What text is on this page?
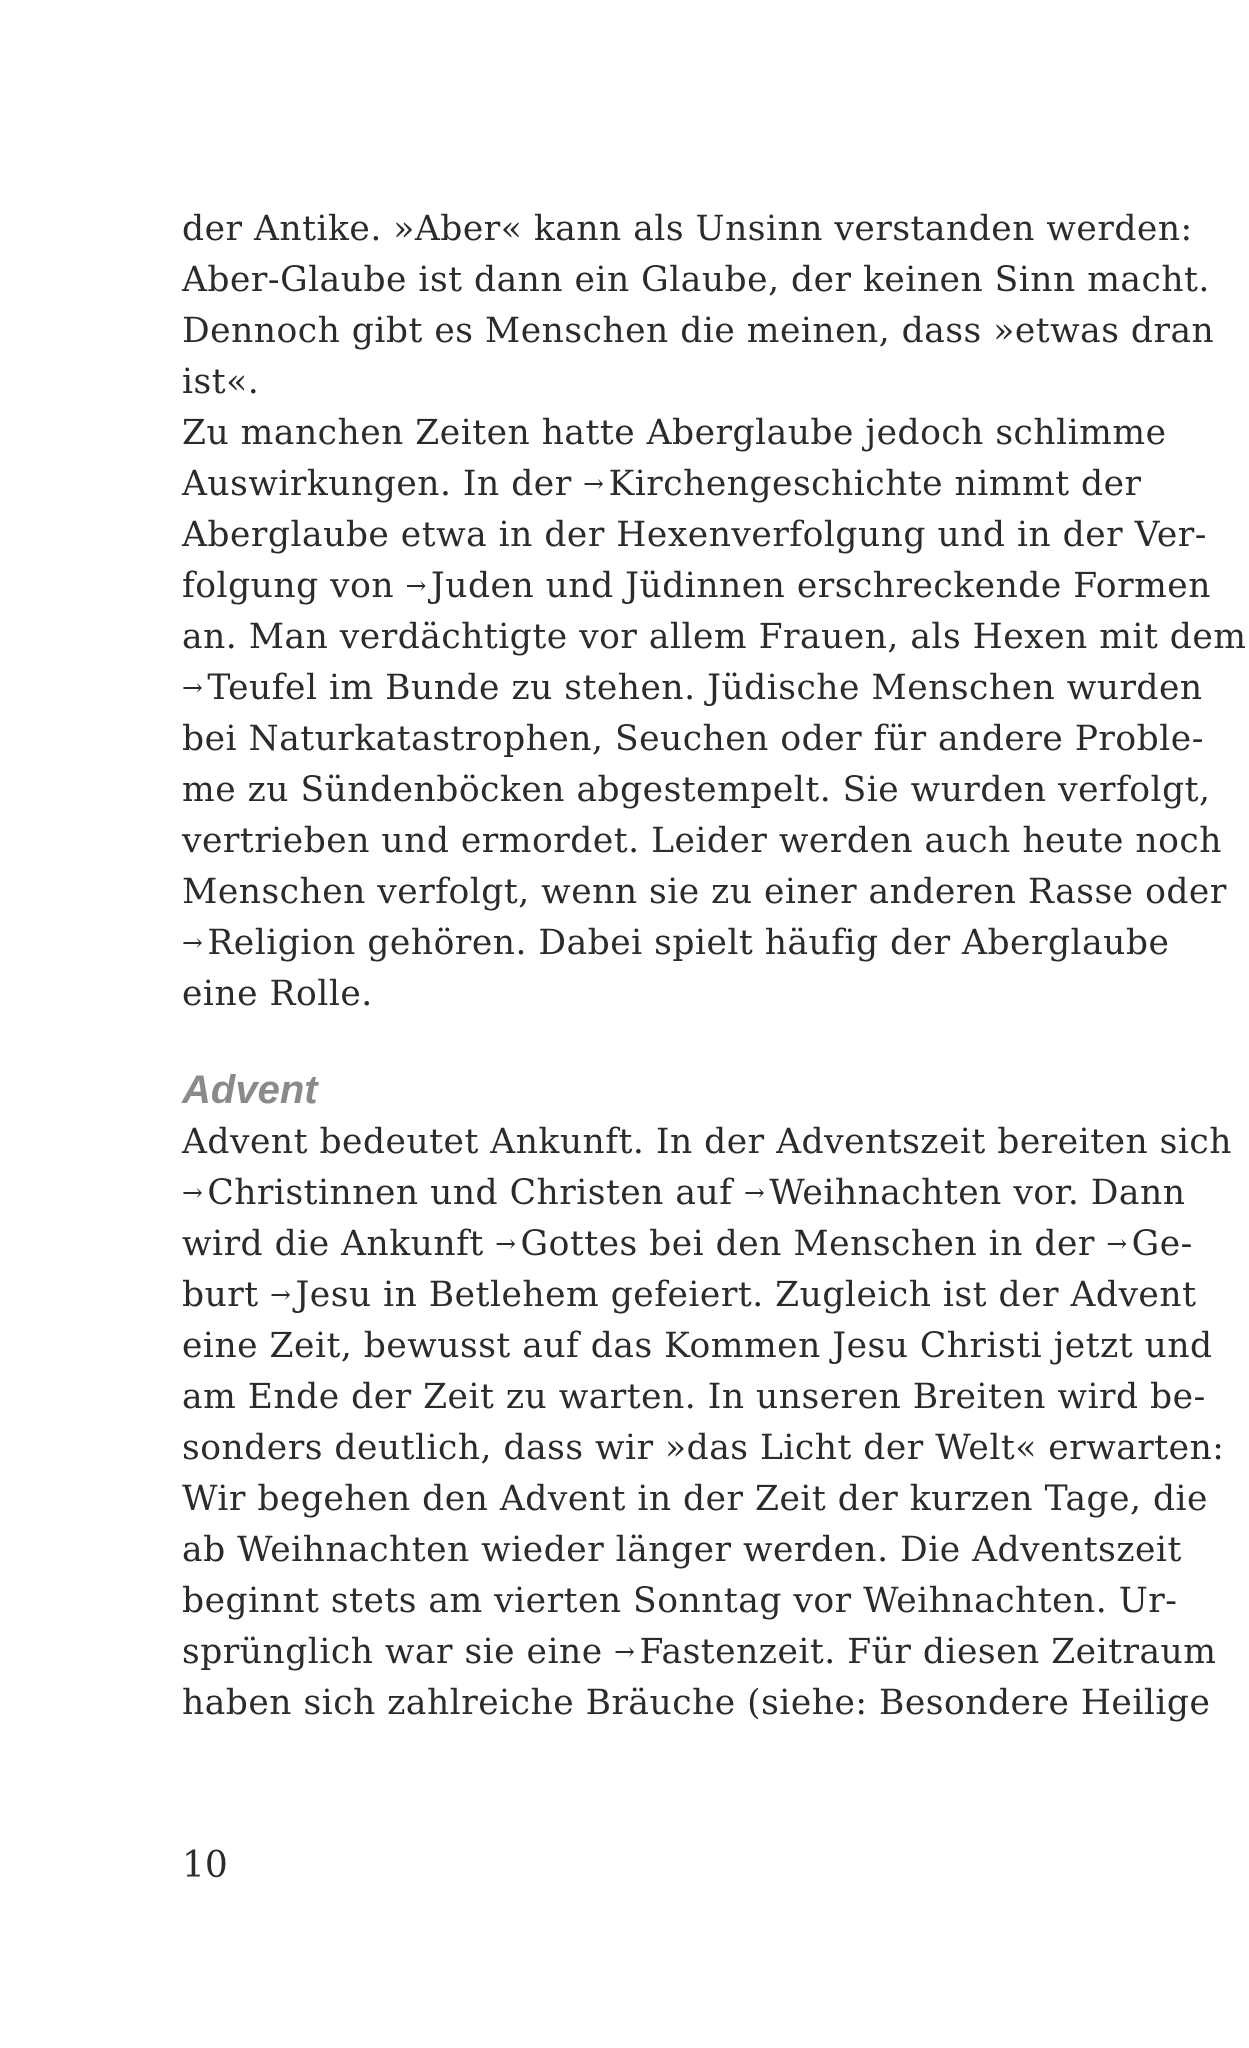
der Antike. »Aber« kann als Unsinn verstanden werden:
Aber-Glaube ist dann ein Glaube, der keinen Sinn macht.
Dennoch gibt es Menschen die meinen, dass »etwas dran
ist«.
Zu manchen Zeiten hatte Aberglaube jedoch schlimme
Auswirkungen. In der → Kirchengeschichte nimmt der
Aberglaube etwa in der Hexenverfolgung und in der Ver-
folgung von → Juden und Jüdinnen erschreckende Formen
an. Man verdächtigte vor allem Frauen, als Hexen mit dem
→ Teufel im Bunde zu stehen. Jüdische Menschen wurden
bei Naturkatastrophen, Seuchen oder für andere Proble-
me zu Sündenböcken abgestempelt. Sie wurden verfolgt,
vertrieben und ermordet. Leider werden auch heute noch
Menschen verfolgt, wenn sie zu einer anderen Rasse oder
→ Religion gehören. Dabei spielt häufig der Aberglaube
eine Rolle.
Advent
Advent bedeutet Ankunft. In der Adventszeit bereiten sich
→ Christinnen und Christen auf → Weihnachten vor. Dann
wird die Ankunft → Gottes bei den Menschen in der → Ge-
burt → Jesu in Betlehem gefeiert. Zugleich ist der Advent
eine Zeit, bewusst auf das Kommen Jesu Christi jetzt und
am Ende der Zeit zu warten. In unseren Breiten wird be-
sonders deutlich, dass wir »das Licht der Welt« erwarten:
Wir begehen den Advent in der Zeit der kurzen Tage, die
ab Weihnachten wieder länger werden. Die Adventszeit
beginnt stets am vierten Sonntag vor Weihnachten. Ur-
sprünglich war sie eine → Fastenzeit. Für diesen Zeitraum
haben sich zahlreiche Bräuche (siehe: Besondere Heilige
10
